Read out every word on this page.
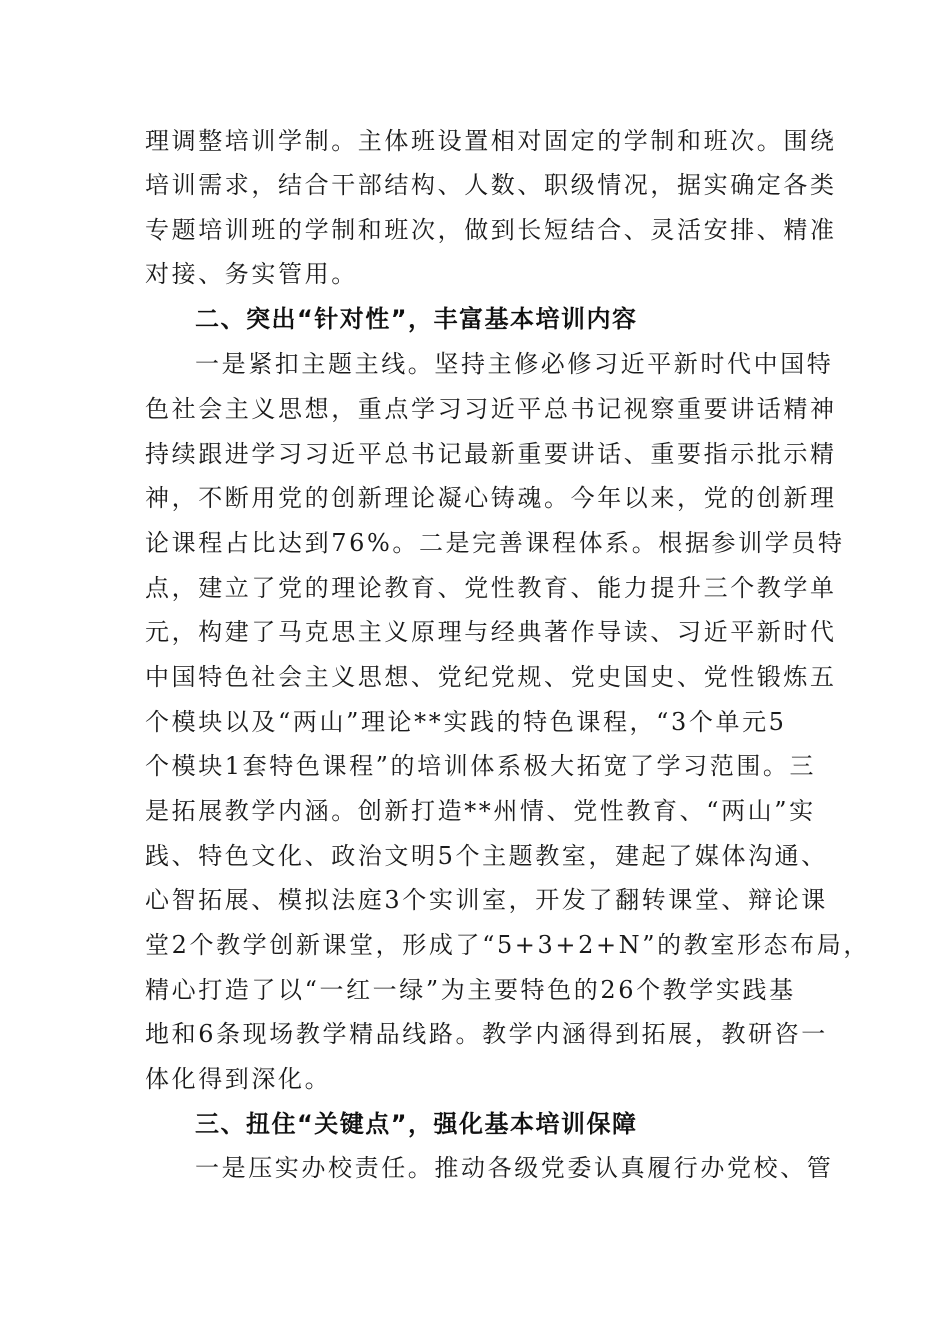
理调整培训学制。主体班设置相对固定的学制和班次。围绕
培训需求，结合干部结构、人数、职级情况，据实确定各类
专题培训班的学制和班次，做到长短结合、灵活安排、精准
对接、务实管用。
二、突出“针对性”，丰富基本培训内容
一是紧扣主题主线。坚持主修必修习近平新时代中国特
色社会主义思想，重点学习习近平总书记视察重要讲话精神
持续跟进学习习近平总书记最新重要讲话、重要指示批示精
神，不断用党的创新理论凝心铸魂。今年以来，党的创新理
论课程占比达到76%。二是完善课程体系。根据参训学员特
点，建立了党的理论教育、党性教育、能力提升三个教学单
元，构建了马克思主义原理与经典著作导读、习近平新时代
中国特色社会主义思想、党纪党规、党史国史、党性锻炼五
个模块以及“两山”理论**实践的特色课程，“3个单元5
个模块1套特色课程”的培训体系极大拓宽了学习范围。三
是拓展教学内涵。创新打造**州情、党性教育、“两山”实
践、特色文化、政治文明5个主题教室，建起了媒体沟通、
心智拓展、模拟法庭3个实训室，开发了翻转课堂、辩论课
堂2个教学创新课堂，形成了“5+3+2+N”的教室形态布局，
精心打造了以“一红一绿”为主要特色的26个教学实践基
地和6条现场教学精品线路。教学内涵得到拓展，教研咨一
体化得到深化。
三、扭住“关键点”，强化基本培训保障
一是压实办校责任。推动各级党委认真履行办党校、管
